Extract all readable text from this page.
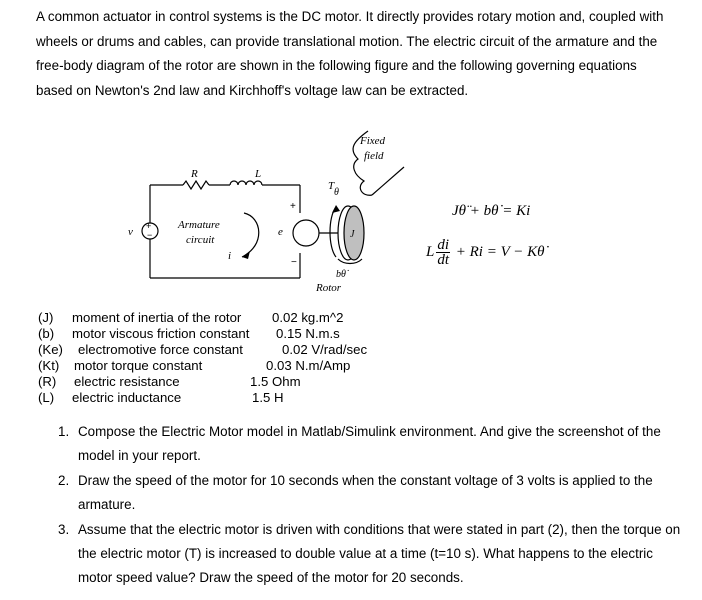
A common actuator in control systems is the DC motor. It directly provides rotary motion and, coupled with wheels or drums and cables, can provide translational motion. The electric circuit of the armature and the free-body diagram of the rotor are shown in the following figure and the following governing equations based on Newton's 2nd law and Kirchhoff's voltage law can be extracted.

Fixed
field
+
−
v
R	L
Armature
circuit
i
+
−
e	J
T
θ
bθ̇
Rotor
Jθ̈ + bθ̇ = Ki
L $\frac{di}{dt} + Ri = V$ − Kθ̇
(J) moment of inertia of the rotor 0.02 kg.m^2
(b) motor viscous friction constant 0.15 N.m.s
(Ke) electromotive force constant	0.02 V/rad/sec
(Kt) motor torque constant	0.03 N.m/Amp
(R) electric resistance	1.5 Ohm
(L) electric inductance	1.5 H
1. Compose the Electric Motor model in Matlab/Simulink environment. And give the screenshot of the model in your report.
2. Draw the speed of the motor for 10 seconds when the constant voltage of 3 volts is applied to the armature.
3. Assume that the electric motor is driven with conditions that were stated in part (2), then the torque on the electric motor (T) is increased to double value at a time (t=10 s). What happens to the electric motor speed value? Draw the speed of the motor for 20 seconds.
